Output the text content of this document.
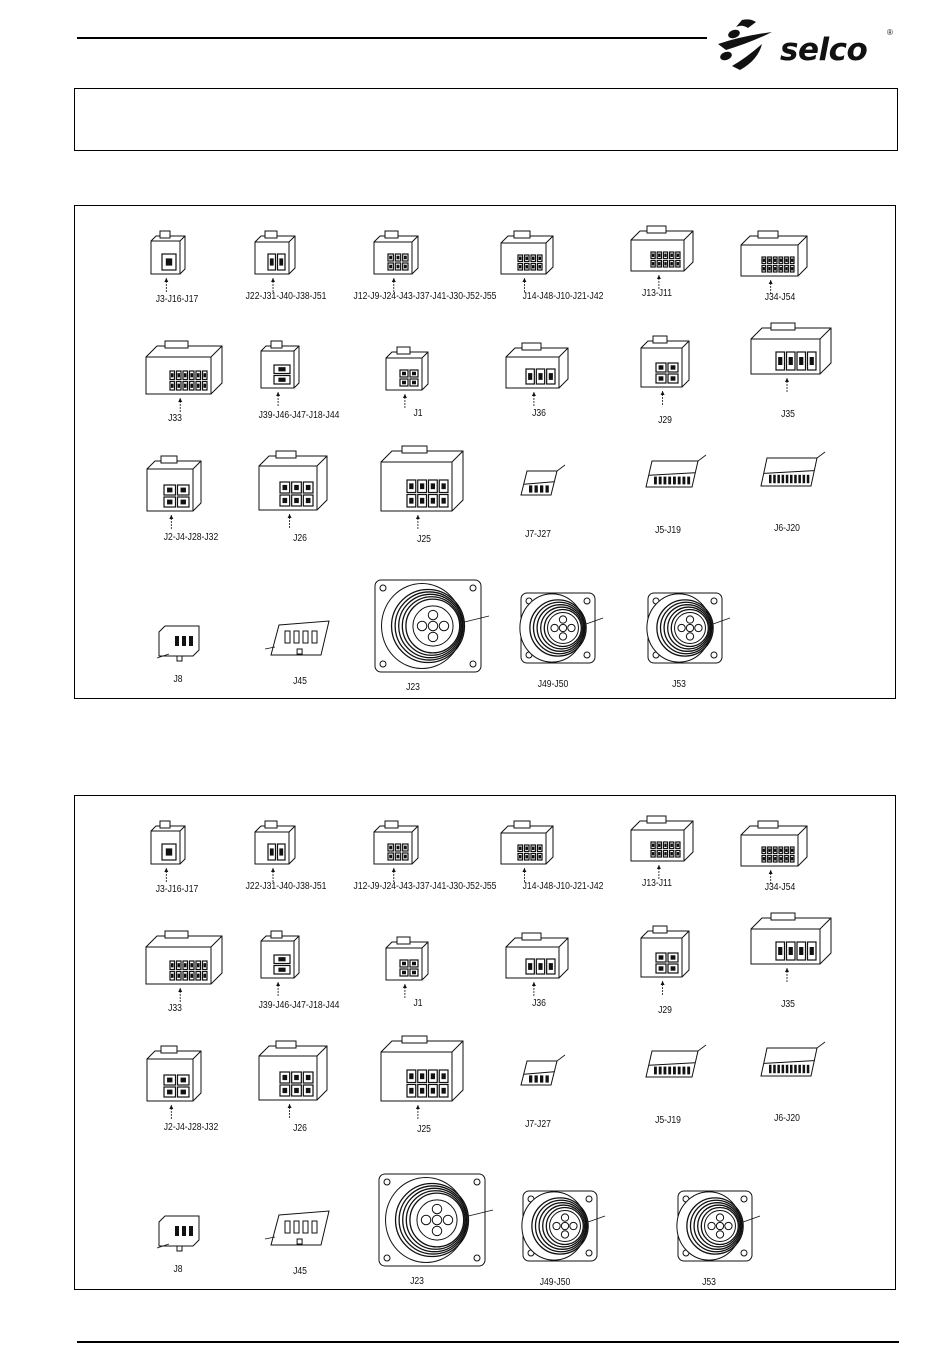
selco ®
J3-J16-J17	J22-J31-J40-J38-J51	J12-J9-J24-J43-J37-J41-J30-J52-J55	J14-J48-J10-J21-J42	J13-J11	J34-J54
J33	J39-J46-J47-J18-J44	J1	J36
J29
J35
J2-J4-J28-J32	J26	J25	J7-J27	J5-J19	J6-J20
J8	J45
J23	J49-J50	J53
J3-J16-J17	J22-J31-J40-J38-J51	J12-J9-J24-J43-J37-J41-J30-J52-J55	J14-J48-J10-J21-J42	J13-J11	J34-J54
J33	J39-J46-J47-J18-J44	J1	J36
J29
J35
J2-J4-J28-J32	J26	J25	J7-J27	J5-J19	J6-J20
J8	J45
J23	J49-J50	J53
